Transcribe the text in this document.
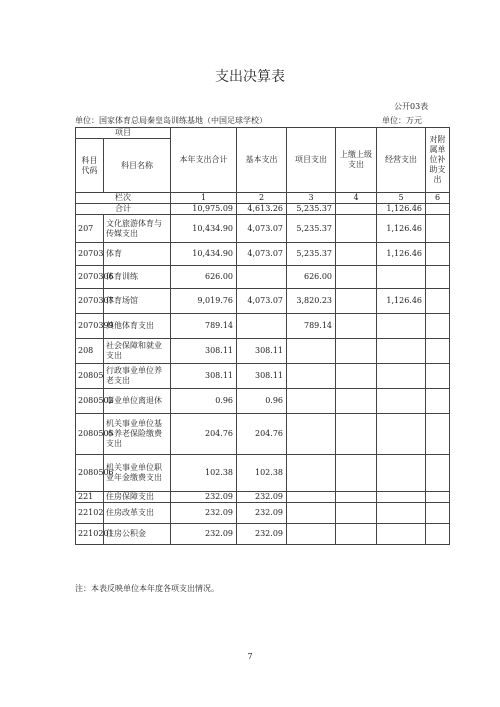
支出决算表
公开03表
单位：国家体育总局秦皇岛训练基地（中国足球学校）	单位：万元
项目		本年支出合计	基本支出	项目支出	上缴上级支出	经营支出	对附属单位补助支出
科目代码	科目名称						
栏次		1	2	3	4	5	6
合计		10,975.09	4,613.26	5,235.37		1,126.46	
207	文化旅游体育与传媒支出	10,434.90	4,073.07	5,235.37		1,126.46	
20703	体育	10,434.90	4,073.07	5,235.37		1,126.46	
2070306	体育训练	626.00		626.00			
2070307	体育场馆	9,019.76	4,073.07	3,820.23		1,126.46	
2070399	其他体育支出	789.14		789.14			
208	社会保障和就业支出	308.11	308.11				
20805	行政事业单位养老支出	308.11	308.11				
2080502	事业单位离退休	0.96	0.96				
2080505	机关事业单位基本养老保险缴费支出	204.76	204.76				
2080506	机关事业单位职业年金缴费支出	102.38	102.38				
221	住房保障支出	232.09	232.09				
22102	住房改革支出	232.09	232.09				
2210201	住房公积金	232.09	232.09				
注：本表反映单位本年度各项支出情况。
7
